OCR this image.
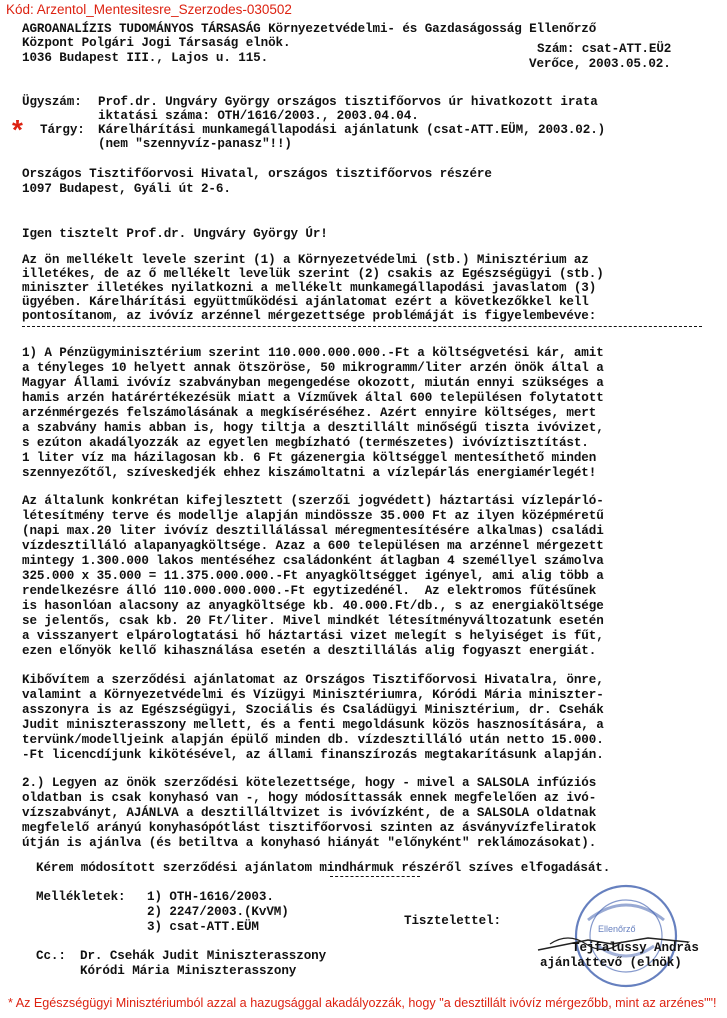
Kód: Arzentol_Mentesitesre_Szerzodes-030502
AGROANALÍZIS TUDOMÁNYOS TÁRSASÁG Környezetvédelmi- és Gazdaságosság Ellenőrző
Központ Polgári Jogi Társaság elnök.
1036 Budapest III., Lajos u. 115.
Szám: csat-ATT.EÜ2
Verőce, 2003.05.02.
Ügyszám: Prof.dr. Ungváry György országos tisztifőorvos úr hivatkozott irata
iktatási száma: OTH/1616/2003., 2003.04.04.
* Tárgy: Kárelhárítási munkamegállapodási ajánlatunk (csat-ATT.EÜM, 2003.02.)
(nem "szennyvíz-panasz"!!)
Országos Tisztifőorvosi Hivatal, országos tisztifőorvos részére
1097 Budapest, Gyáli út 2-6.
Igen tisztelt Prof.dr. Ungváry György Úr!
Az ön mellékelt levele szerint (1) a Környezetvédelmi (stb.) Minisztérium az
illetékes, de az ő mellékelt levelük szerint (2) csakis az Egészségügyi (stb.)
miniszter illetékes nyilatkozni a mellékelt munkamegállapodási javaslatom (3)
ügyében. Kárelhárítási együttműködési ajánlatomat ezért a következőkkel kell
pontosítanom, az ivóvíz arzénnel mérgezettsége problémáját is figyelembevéve:
1) A Pénzügyminisztérium szerint 110.000.000.000.-Ft a költségvetési kár, amit
a tényleges 10 helyett annak ötszöröse, 50 mikrogramm/liter arzén önök által a
Magyar Állami ivóvíz szabványban megengedése okozott, miután ennyi szükséges a
hamis arzén határértékezésük miatt a Vízművek által 600 településen folytatott
arzénmérgezés felszámolásának a megkíséréséhez. Azért ennyire költséges, mert
a szabvány hamis abban is, hogy tiltja a desztillált minőségű tiszta ivóvizet,
s ezúton akadályozzák az egyetlen megbízható (természetes) ivóvíztisztítást.
1 liter víz ma házilagosan kb. 6 Ft gázenergia költséggel mentesíthető minden
szennyezőtől, szíveskedjék ehhez kiszámoltatni a vízlepárlás energiamérlegét!
Az általunk konkrétan kifejlesztett (szerzői jogvédett) háztartási vízlepárló-
létesítmény terve és modellje alapján mindössze 35.000 Ft az ilyen középméretű
(napi max.20 liter ivóvíz desztillálással méregmentesítésére alkalmas) családi
vízdesztilláló alapanyagköltsége. Azaz a 600 településen ma arzénnel mérgezett
mintegy 1.300.000 lakos mentéséhez családonként átlagban 4 személlyel számolva
325.000 x 35.000 = 11.375.000.000.-Ft anyagköltségget igényel, ami alig több a
rendelkezésre álló 110.000.000.000.-Ft egytizedénél.  Az elektromos fűtésűnek
is hasonlóan alacsony az anyagköltsége kb. 40.000.Ft/db., s az energiaköltsége
se jelentős, csak kb. 20 Ft/liter. Mivel mindkét létesítményváltozatunk esetén
a visszanyert elpárologtatási hő háztartási vizet melegít s helyiséget is fűt,
ezen előnyök kellő kihasználása esetén a desztillálás alig fogyaszt energiát.
Kibővítem a szerződési ajánlatomat az Országos Tisztifőorvosi Hivatalra, önre,
valamint a Környezetvédelmi és Vízügyi Minisztériumra, Kóródi Mária miniszter-
asszonyra is az Egészségügyi, Szociális és Családügyi Minisztérium, dr. Csehák
Judit miniszterasszony mellett, és a fenti megoldásunk közös hasznosítására, a
tervünk/modelljeink alapján épülő minden db. vízdesztilláló után netto 15.000.
-Ft licencdíjunk kikötésével, az állami finanszírozás megtakarításunk alapján.
2.) Legyen az önök szerződési kötelezettsége, hogy - mivel a SALSOLA infúziós
oldatban is csak konyhasó van -, hogy módosíttassák ennek megfelelően az ivó-
vízszabványt, AJÁNLVA a desztilláltvizet is ivóvízként, de a SALSOLA oldatnak
megfelelő arányú konyhasópótlást tisztifőorvosi szinten az ásványvízfeliratok
útján is ajánlva (és betiltva a konyhasó hiányát "előnyként" reklámozásokat).
Kérem módosított szerződési ajánlatom mindhármuk részéről szíves elfogadását.
Mellékletek: 1) OTH-1616/2003.
2) 2247/2003.(KvVM)
3) csat-ATT.EÜM	Tisztelettel:
Cc.: Dr. Csehák Judit Miniszterasszony
Kóródi Mária Miniszterasszony
Ellenőrző
Tejfalussy András
ajánlattevő (elnök)
* Az Egészségügyi Minisztériumból azzal a hazugsággal akadályozzák, hogy "a desztillált ivóvíz mérgezőbb, mint az arzénes""!
